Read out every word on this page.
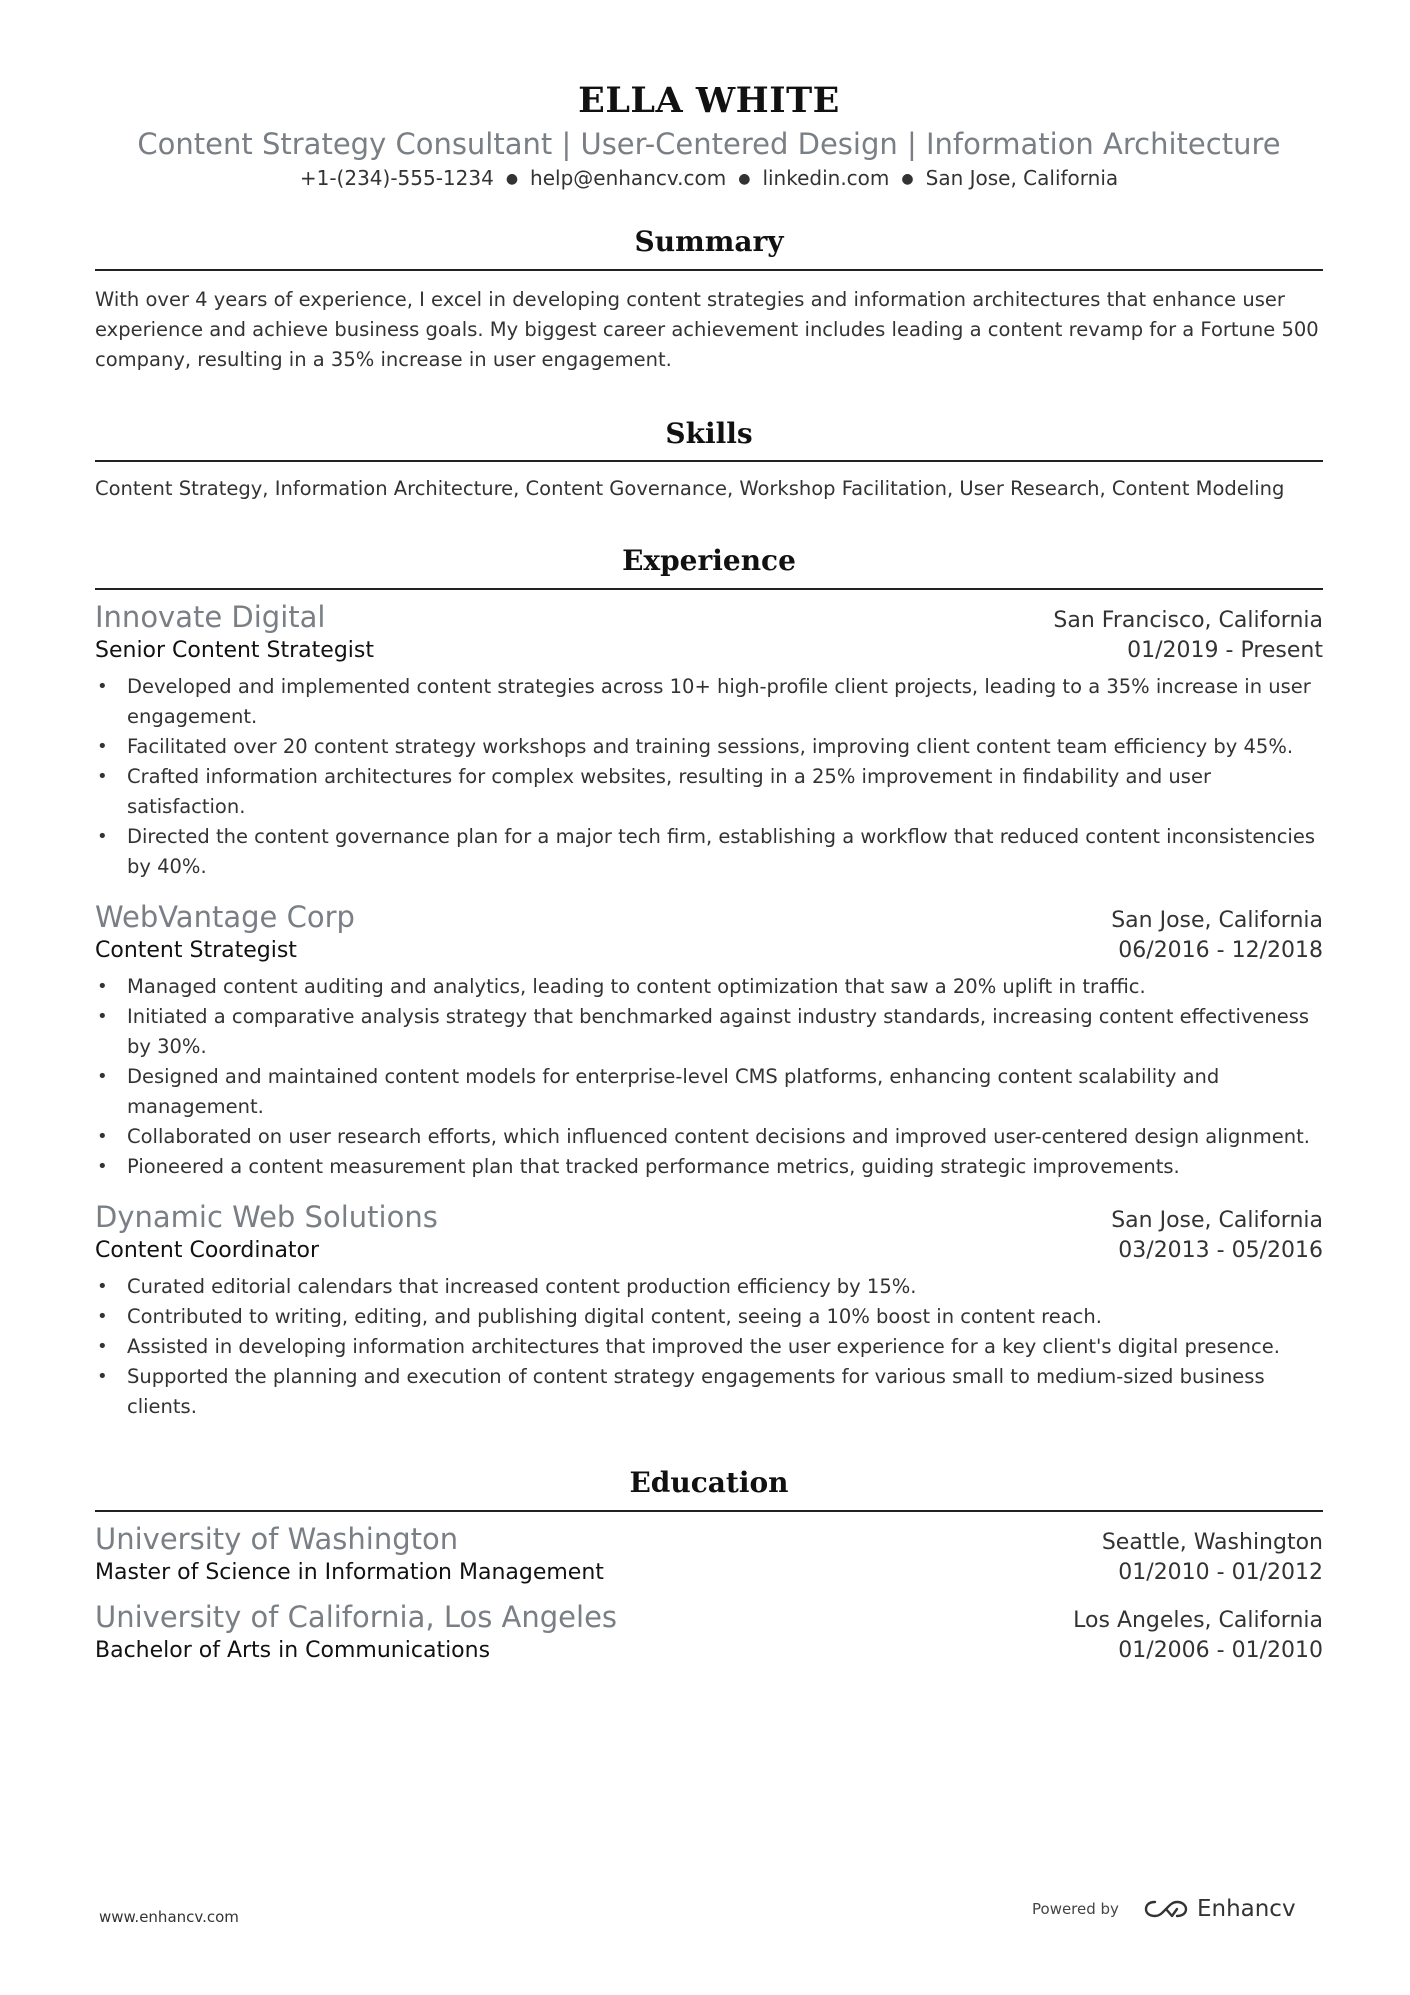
ELLA WHITE
Content Strategy Consultant | User-Centered Design | Information Architecture
+1-(234)-555-1234 ● help@enhancv.com ● linkedin.com ● San Jose, California
Summary
With over 4 years of experience, I excel in developing content strategies and information architectures that enhance user experience and achieve business goals. My biggest career achievement includes leading a content revamp for a Fortune 500 company, resulting in a 35% increase in user engagement.
Skills
Content Strategy, Information Architecture, Content Governance, Workshop Facilitation, User Research, Content Modeling
Experience
Innovate Digital	San Francisco, California
Senior Content Strategist	01/2019 - Present
• Developed and implemented content strategies across 10+ high-profile client projects, leading to a 35% increase in user engagement.
• Facilitated over 20 content strategy workshops and training sessions, improving client content team efficiency by 45%.
• Crafted information architectures for complex websites, resulting in a 25% improvement in findability and user satisfaction.
• Directed the content governance plan for a major tech firm, establishing a workflow that reduced content inconsistencies by 40%.
WebVantage Corp	San Jose, California
Content Strategist	06/2016 - 12/2018
• Managed content auditing and analytics, leading to content optimization that saw a 20% uplift in traffic.
• Initiated a comparative analysis strategy that benchmarked against industry standards, increasing content effectiveness by 30%.
• Designed and maintained content models for enterprise-level CMS platforms, enhancing content scalability and management.
• Collaborated on user research efforts, which influenced content decisions and improved user-centered design alignment.
• Pioneered a content measurement plan that tracked performance metrics, guiding strategic improvements.
Dynamic Web Solutions	San Jose, California
Content Coordinator	03/2013 - 05/2016
• Curated editorial calendars that increased content production efficiency by 15%.
• Contributed to writing, editing, and publishing digital content, seeing a 10% boost in content reach.
• Assisted in developing information architectures that improved the user experience for a key client's digital presence.
• Supported the planning and execution of content strategy engagements for various small to medium-sized business clients.
Education
University of Washington	Seattle, Washington
Master of Science in Information Management	01/2010 - 01/2012
University of California, Los Angeles	Los Angeles, California
Bachelor of Arts in Communications	01/2006 - 01/2010
www.enhancv.com	Powered by	Enhancv
